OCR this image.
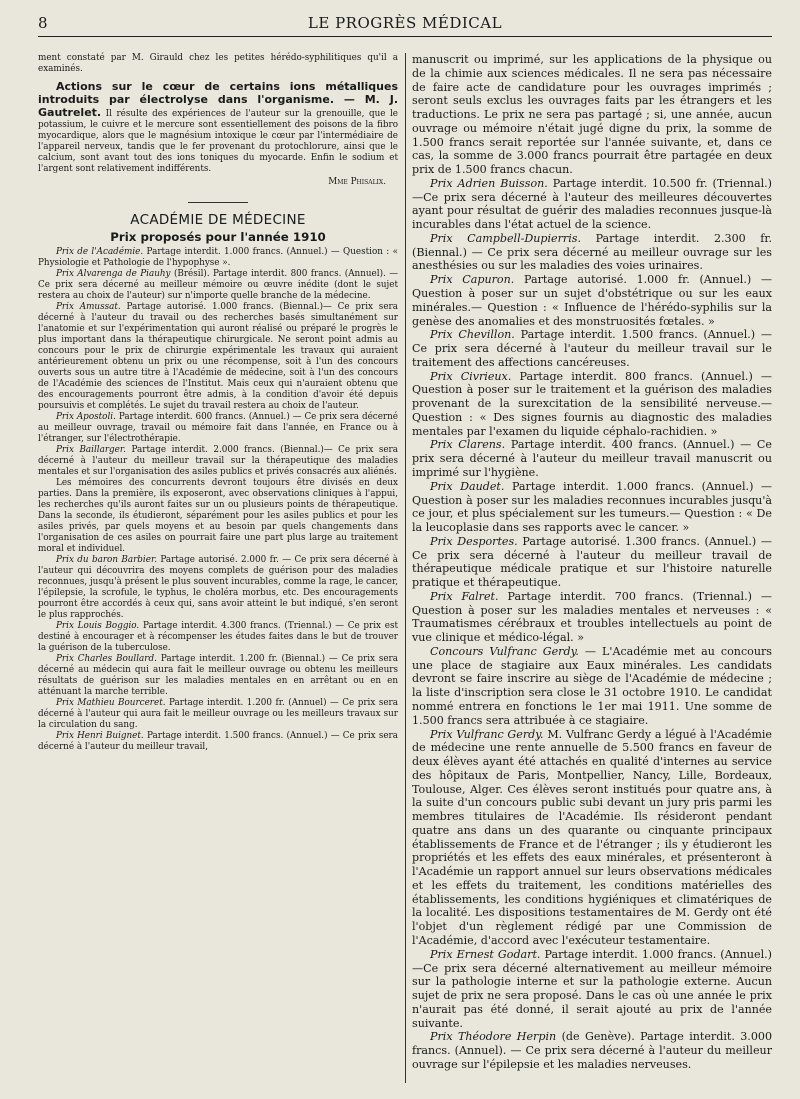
8	LE PROGRÈS MÉDICAL

ment constaté par M. Girauld chez les petites hérédo-syphilitiques qu'il a examinés.

Actions sur le cœur de certains ions métalliques introduits par électrolyse dans l'organisme. — M. J. Gautrelet. Il résulte des expériences de l'auteur sur la grenouille, que le potassium, le cuivre et le mercure sont essentiellement des poisons de la fibro myocardique, alors que le magnésium intoxique le cœur par l'intermédiaire de l'appareil nerveux, tandis que le fer provenant du protochlorure, ainsi que le calcium, sont avant tout des ions toniques du myocarde. Enfin le sodium et l'argent sont relativement indifférents.

Mme Phisalix.

ACADÉMIE DE MÉDECINE
Prix proposés pour l'année 1910

Prix de l'Académie. Partage interdit. 1.000 francs. (Annuel.) — Question : « Physiologie et Pathologie de l'hypophyse ».

Prix Alvarenga de Piauhy (Brésil). Partage interdit. 800 francs. (Annuel). — Ce prix sera décerné au meilleur mémoire ou œuvre inédite (dont le sujet restera au choix de l'auteur) sur n'importe quelle branche de la médecine.

Prix Amussat. Partage autorisé. 1.000 francs. (Biennal.)— Ce prix sera décerné à l'auteur du travail ou des recherches basés simultanément sur l'anatomie et sur l'expérimentation qui auront réalisé ou préparé le progrès le plus important dans la thérapeutique chirurgicale. Ne seront point admis au concours pour le prix de chirurgie expérimentale les travaux qui auraient antérieurement obtenu un prix ou une récompense, soit à l'un des concours ouverts sous un autre titre à l'Académie de médecine, soit à l'un des concours de l'Académie des sciences de l'Institut. Mais ceux qui n'auraient obtenu que des encouragements pourront être admis, à la condition d'avoir été depuis poursuivis et complétés. Le sujet du travail restera au choix de l'auteur.

Prix Apostoli. Partage interdit. 600 francs. (Annuel.) — Ce prix sera décerné au meilleur ouvrage, travail ou mémoire fait dans l'année, en France ou à l'étranger, sur l'électrothérapie.

Prix Baillarger. Partage interdit. 2.000 francs. (Biennal.)— Ce prix sera décerné à l'auteur du meilleur travail sur la thérapeutique des maladies mentales et sur l'organisation des asiles publics et privés consacrés aux aliénés.

Les mémoires des concurrents devront toujours être divisés en deux parties. Dans la première, ils exposeront, avec observations cliniques à l'appui, les recherches qu'ils auront faites sur un ou plusieurs points de thérapeutique. Dans la seconde, ils étudieront, séparément pour les asiles publics et pour les asiles privés, par quels moyens et au besoin par quels changements dans l'organisation de ces asiles on pourrait faire une part plus large au traitement moral et individuel.

Prix du baron Barbier. Partage autorisé. 2.000 fr. — Ce prix sera décerné à l'auteur qui découvrira des moyens complets de guérison pour des maladies reconnues, jusqu'à présent le plus souvent incurables, comme la rage, le cancer, l'épilepsie, la scrofule, le typhus, le choléra morbus, etc. Des encouragements pourront être accordés à ceux qui, sans avoir atteint le but indiqué, s'en seront le plus rapprochés.

Prix Louis Boggio. Partage interdit. 4.300 francs. (Triennal.) — Ce prix est destiné à encourager et à récompenser les études faites dans le but de trouver la guérison de la tuberculose.

Prix Charles Boullard. Partage interdit. 1.200 fr. (Biennal.) — Ce prix sera décerné au médecin qui aura fait le meilleur ouvrage ou obtenu les meilleurs résultats de guérison sur les maladies mentales en en arrêtant ou en en atténuant la marche terrible.

Prix Mathieu Bourceret. Partage interdit. 1.200 fr. (Annuel) — Ce prix sera décerné à l'auteur qui aura fait le meilleur ouvrage ou les meilleurs travaux sur la circulation du sang.

Prix Henri Buignet. Partage interdit. 1.500 francs. (Annuel.) — Ce prix sera décerné à l'auteur du meilleur travail,

manuscrit ou imprimé, sur les applications de la physique ou de la chimie aux sciences médicales. Il ne sera pas nécessaire de faire acte de candidature pour les ouvrages imprimés ; seront seuls exclus les ouvrages faits par les étrangers et les traductions. Le prix ne sera pas partagé ; si, une année, aucun ouvrage ou mémoire n'était jugé digne du prix, la somme de 1.500 francs serait reportée sur l'année suivante, et, dans ce cas, la somme de 3.000 francs pourrait être partagée en deux prix de 1.500 francs chacun.

Prix Adrien Buisson. Partage interdit. 10.500 fr. (Triennal.)—Ce prix sera décerné à l'auteur des meilleures découvertes ayant pour résultat de guérir des maladies reconnues jusque-là incurables dans l'état actuel de la science.

Prix Campbell-Dupierris. Partage interdit. 2.300 fr. (Biennal.) — Ce prix sera décerné au meilleur ouvrage sur les anesthésies ou sur les maladies des voies urinaires.

Prix Capuron. Partage autorisé. 1.000 fr. (Annuel.) — Question à poser sur un sujet d'obstétrique ou sur les eaux minérales.— Question : « Influence de l'hérédo-syphilis sur la genèse des anomalies et des monstruosités fœtales. »

Prix Chevillon. Partage interdit. 1.500 francs. (Annuel.) — Ce prix sera décerné à l'auteur du meilleur travail sur le traitement des affections cancéreuses.

Prix Civrieux. Partage interdit. 800 francs. (Annuel.) — Question à poser sur le traitement et la guérison des maladies provenant de la surexcitation de la sensibilité nerveuse.— Question : « Des signes fournis au diagnostic des maladies mentales par l'examen du liquide céphalo-rachidien. »

Prix Clarens. Partage interdit. 400 francs. (Annuel.) — Ce prix sera décerné à l'auteur du meilleur travail manuscrit ou imprimé sur l'hygiène.

Prix Daudet. Partage interdit. 1.000 francs. (Annuel.) — Question à poser sur les maladies reconnues incurables jusqu'à ce jour, et plus spécialement sur les tumeurs.— Question : « De la leucoplasie dans ses rapports avec le cancer. »

Prix Desportes. Partage autorisé. 1.300 francs. (Annuel.) — Ce prix sera décerné à l'auteur du meilleur travail de thérapeutique médicale pratique et sur l'histoire naturelle pratique et thérapeutique.

Prix Falret. Partage interdit. 700 francs. (Triennal.) — Question à poser sur les maladies mentales et nerveuses : « Traumatismes cérébraux et troubles intellectuels au point de vue clinique et médico-légal. »

Concours Vulfranc Gerdy. — L'Académie met au concours une place de stagiaire aux Eaux minérales. Les candidats devront se faire inscrire au siège de l'Académie de médecine ; la liste d'inscription sera close le 31 octobre 1910. Le candidat nommé entrera en fonctions le 1er mai 1911. Une somme de 1.500 francs sera attribuée à ce stagiaire.

Prix Vulfranc Gerdy. M. Vulfranc Gerdy a légué à l'Académie de médecine une rente annuelle de 5.500 francs en faveur de deux élèves ayant été attachés en qualité d'internes au service des hôpitaux de Paris, Montpellier, Nancy, Lille, Bordeaux, Toulouse, Alger. Ces élèves seront institués pour quatre ans, à la suite d'un concours public subi devant un jury pris parmi les membres titulaires de l'Académie. Ils résideront pendant quatre ans dans un des quarante ou cinquante principaux établissements de France et de l'étranger ; ils y étudieront les propriétés et les effets des eaux minérales, et présenteront à l'Académie un rapport annuel sur leurs observations médicales et les effets du traitement, les conditions matérielles des établissements, les conditions hygiéniques et climatériques de la localité. Les dispositions testamentaires de M. Gerdy ont été l'objet d'un règlement rédigé par une Commission de l'Académie, d'accord avec l'exécuteur testamentaire.

Prix Ernest Godart. Partage interdit. 1.000 francs. (Annuel.)—Ce prix sera décerné alternativement au meilleur mémoire sur la pathologie interne et sur la pathologie externe. Aucun sujet de prix ne sera proposé. Dans le cas où une année le prix n'aurait pas été donné, il serait ajouté au prix de l'année suivante.

Prix Théodore Herpin (de Genève). Partage interdit. 3.000 francs. (Annuel). — Ce prix sera décerné à l'auteur du meilleur ouvrage sur l'épilepsie et les maladies nerveuses.
